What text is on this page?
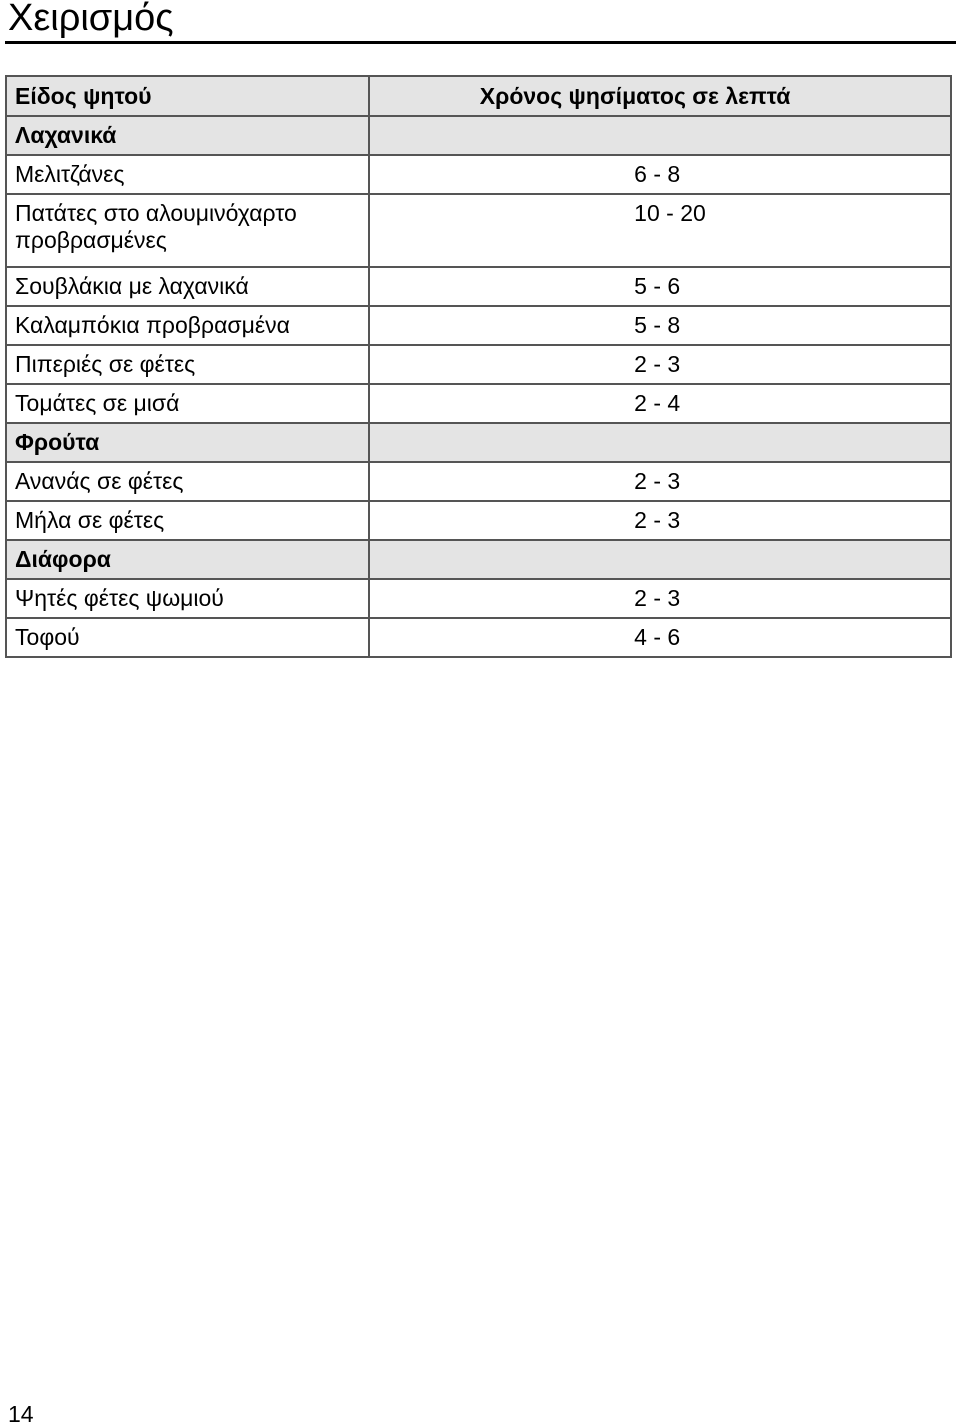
Χειρισμός
Είδος ψητού	Χρόνος ψησίματος σε λεπτά
Λαχανικά	
Μελιτζάνες	6 - 8
Πατάτες στο αλουμινόχαρτο προβρασμένες	10 - 20
Σουβλάκια με λαχανικά	5 - 6
Καλαμπόκια προβρασμένα	5 - 8
Πιπεριές σε φέτες	2 - 3
Τομάτες σε μισά	2 - 4
Φρούτα	
Ανανάς σε φέτες	2 - 3
Μήλα σε φέτες	2 - 3
Διάφορα	
Ψητές φέτες ψωμιού	2 - 3
Τοφού	4 - 6
14
